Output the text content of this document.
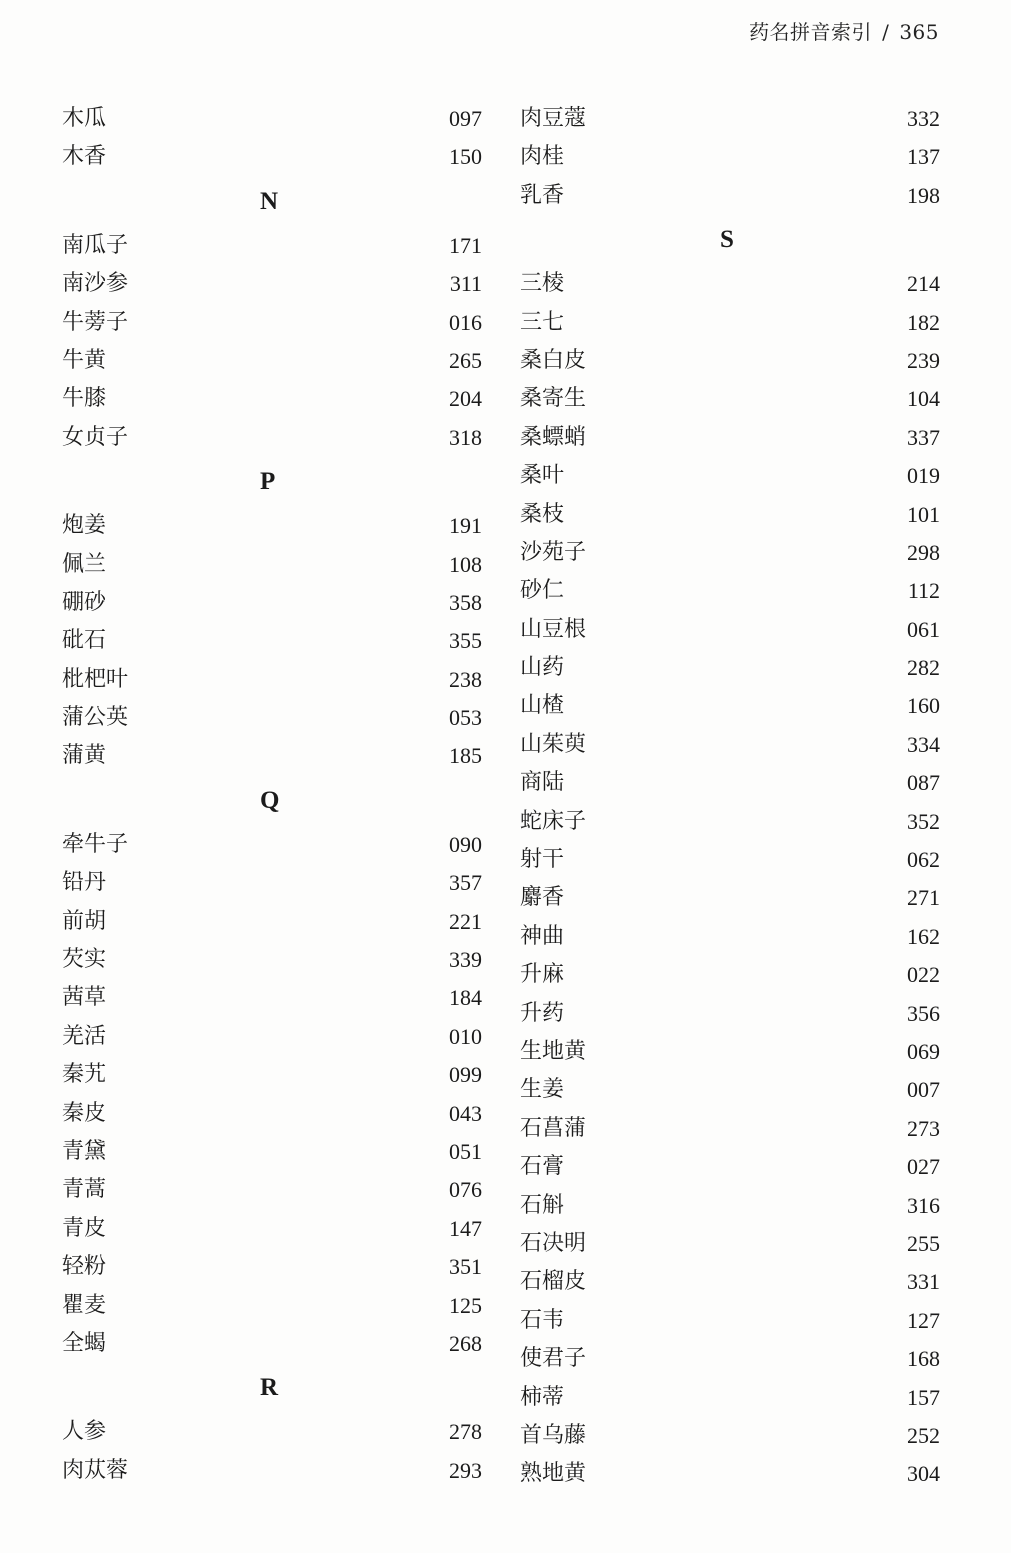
药名拼音索引 / 365
木瓜	097
木香	150
N
南瓜子	171
南沙参	311
牛蒡子	016
牛黄	265
牛膝	204
女贞子	318
P
炮姜	191
佩兰	108
硼砂	358
砒石	355
枇杷叶	238
蒲公英	053
蒲黄	185
Q
牵牛子	090
铅丹	357
前胡	221
芡实	339
茜草	184
羌活	010
秦艽	099
秦皮	043
青黛	051
青蒿	076
青皮	147
轻粉	351
瞿麦	125
全蝎	268
R
人参	278
肉苁蓉	293
肉豆蔻	332
肉桂	137
乳香	198
S
三棱	214
三七	182
桑白皮	239
桑寄生	104
桑螵蛸	337
桑叶	019
桑枝	101
沙苑子	298
砂仁	112
山豆根	061
山药	282
山楂	160
山茱萸	334
商陆	087
蛇床子	352
射干	062
麝香	271
神曲	162
升麻	022
升药	356
生地黄	069
生姜	007
石菖蒲	273
石膏	027
石斛	316
石决明	255
石榴皮	331
石韦	127
使君子	168
柿蒂	157
首乌藤	252
熟地黄	304
